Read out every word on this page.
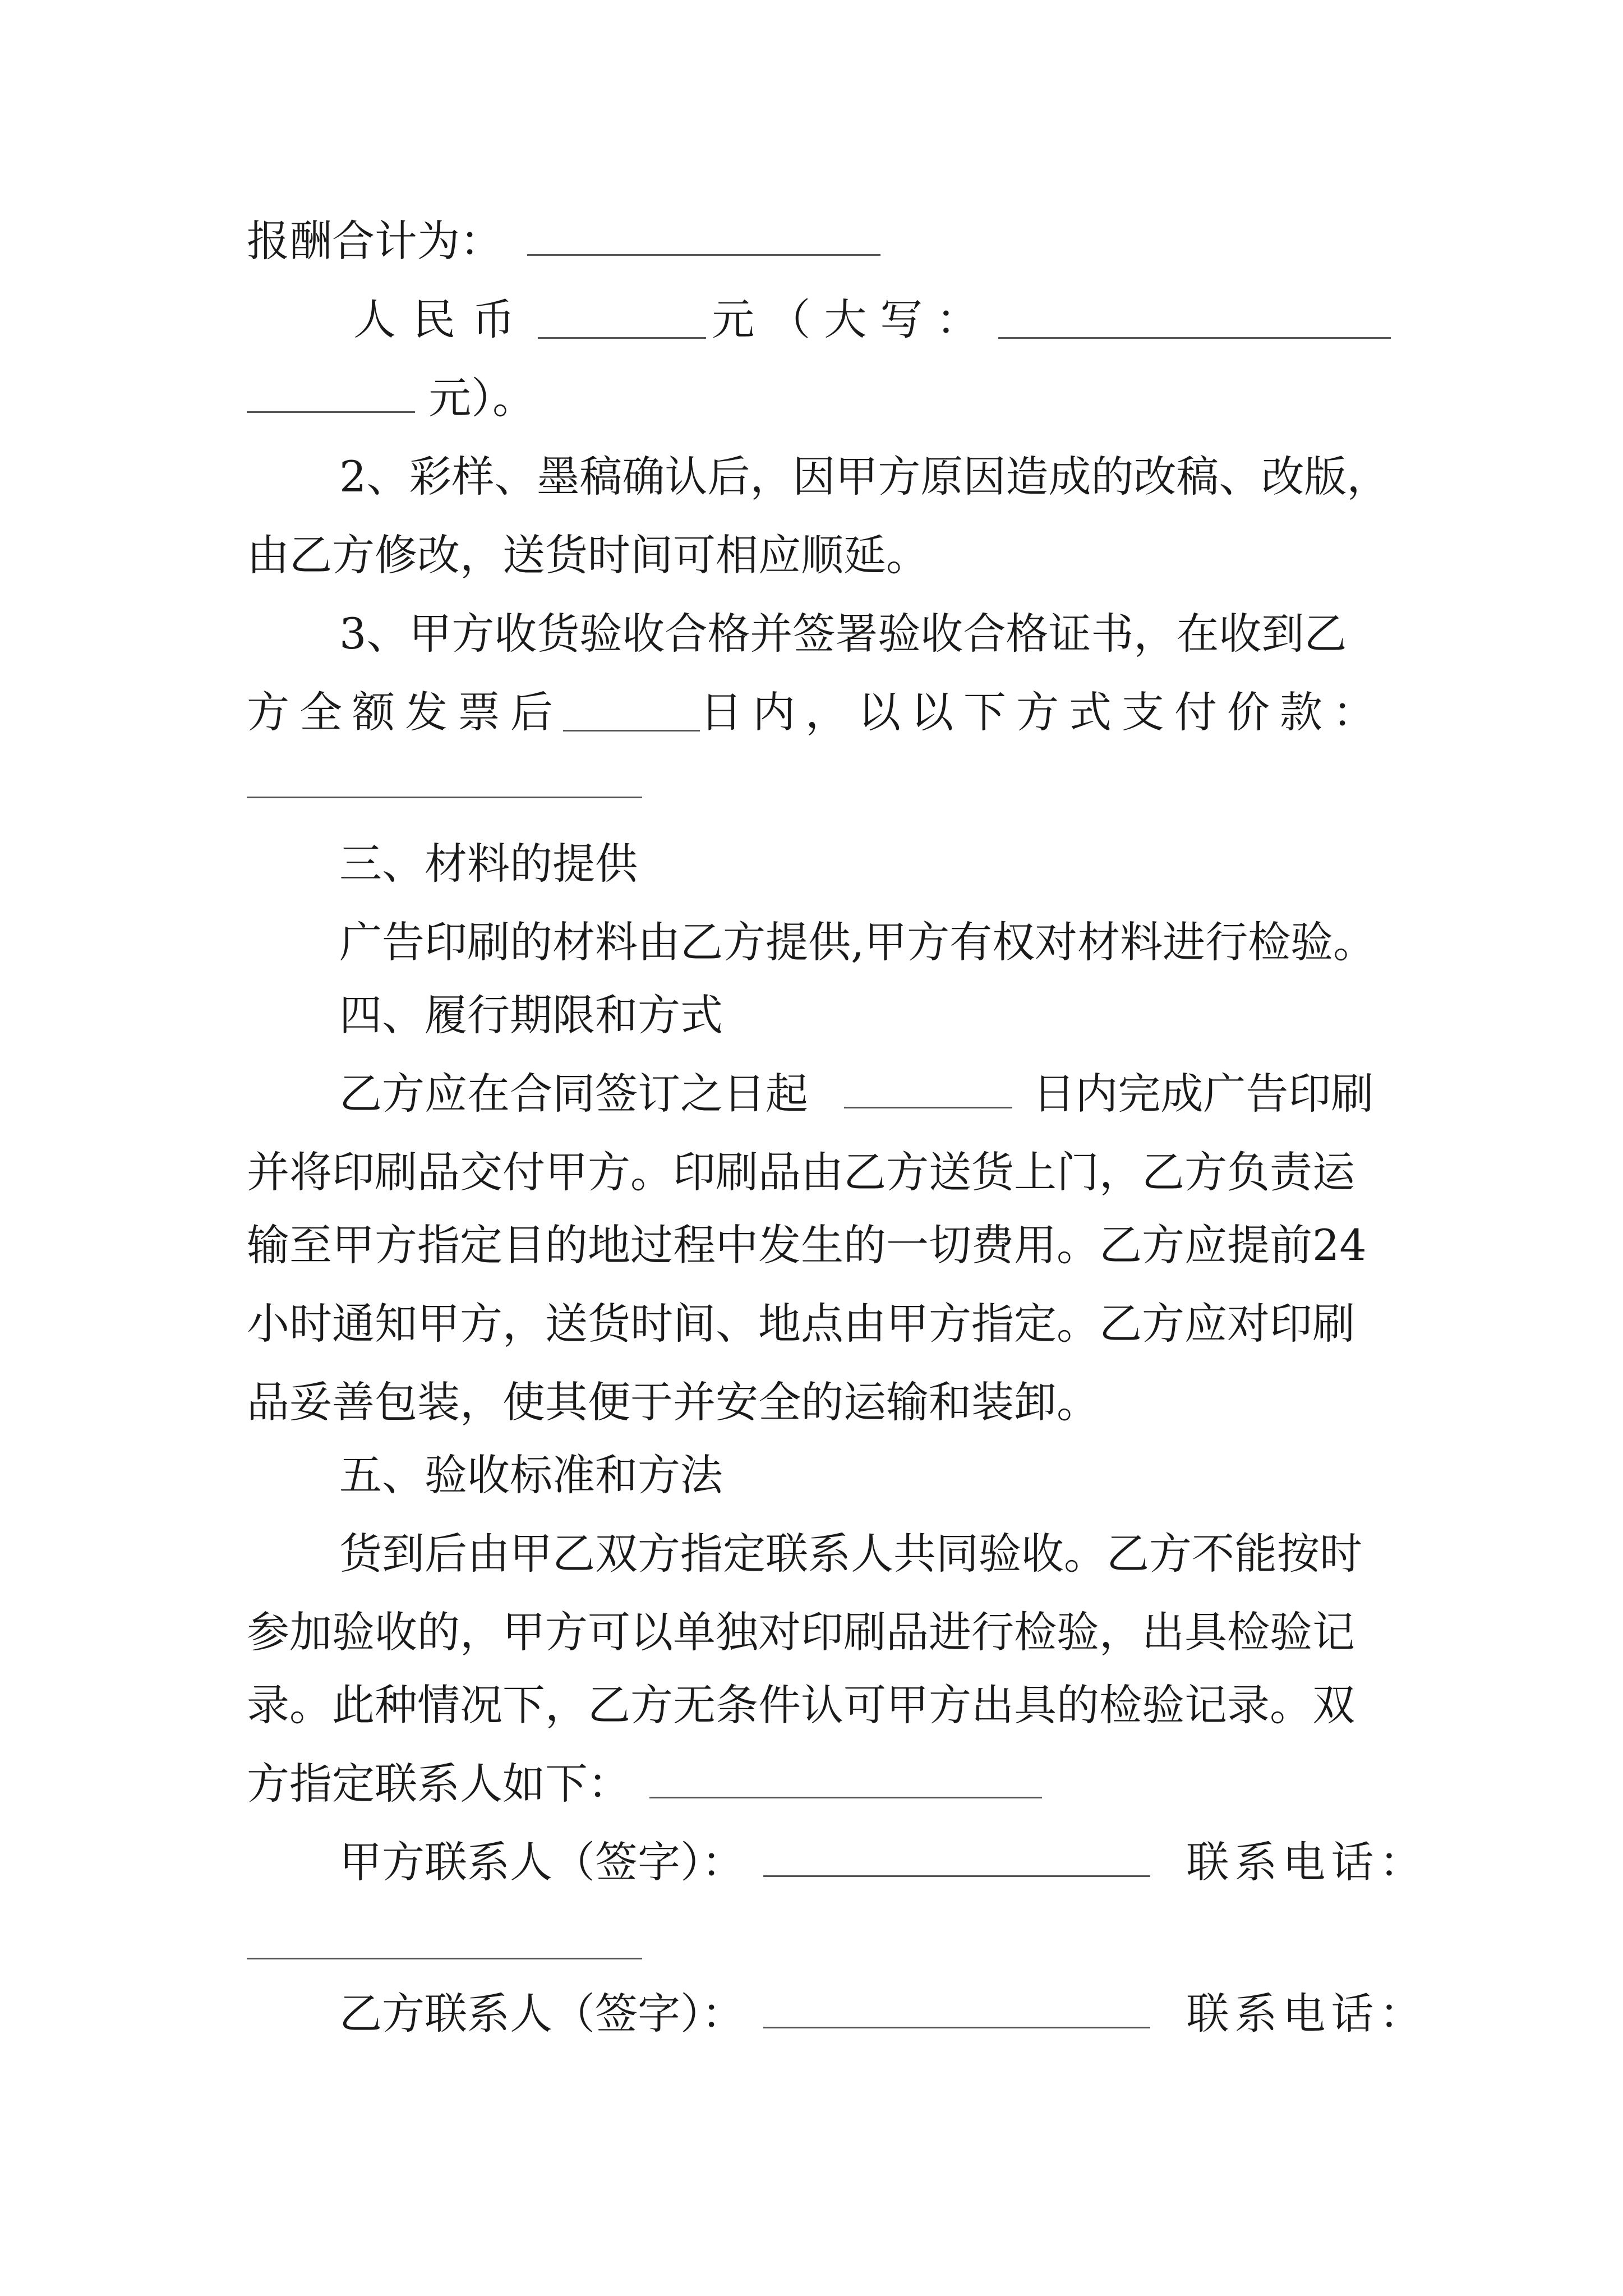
报酬合计为：
人民币	元（大写：
元）。
2、彩样、墨稿确认后，因甲方原因造成的改稿、改版，
由乙方修改，送货时间可相应顺延。
3、甲方收货验收合格并签署验收合格证书，在收到乙
方全额发票后	日内，以以下方式支付价款：
三、材料的提供
广告印刷的材料由乙方提供,甲方有权对材料进行检验。
四、履行期限和方式
乙方应在合同签订之日起	日内完成广告印刷
并将印刷品交付甲方。印刷品由乙方送货上门，乙方负责运
输至甲方指定目的地过程中发生的一切费用。乙方应提前24
小时通知甲方，送货时间、地点由甲方指定。乙方应对印刷
品妥善包装，使其便于并安全的运输和装卸。
五、验收标准和方法
货到后由甲乙双方指定联系人共同验收。乙方不能按时
参加验收的，甲方可以单独对印刷品进行检验，出具检验记
录。此种情况下，乙方无条件认可甲方出具的检验记录。双
方指定联系人如下：
甲方联系人（签字）：	联系电话：
乙方联系人（签字）：	联系电话：
